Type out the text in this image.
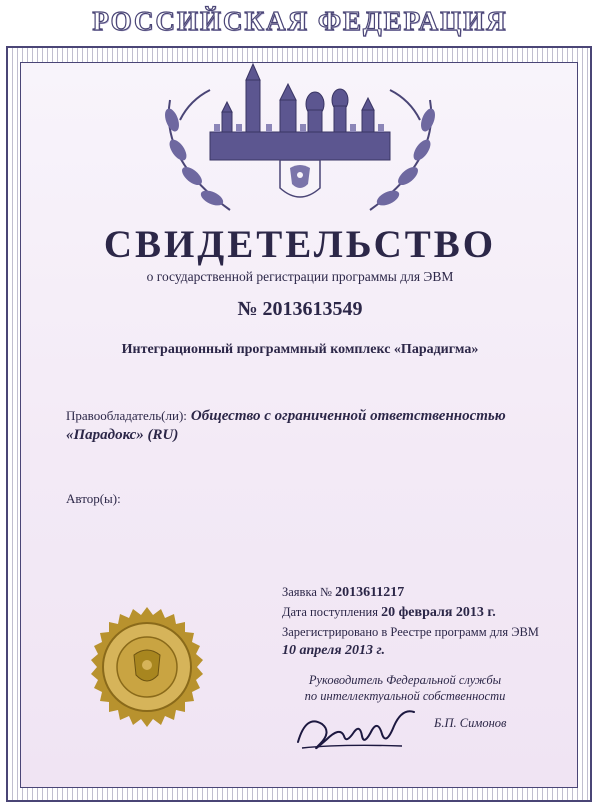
РОССИЙСКАЯ ФЕДЕРАЦИЯ
СВИДЕТЕЛЬСТВО
о государственной регистрации программы для ЭВМ
№ 2013613549
Интеграционный программный комплекс «Парадигма»
Правообладатель(ли): Общество с ограниченной ответственностью
«Парадокс» (RU)
Автор(ы):
Заявка № 2013611217
Дата поступления 20 февраля 2013 г.
Зарегистрировано в Реестре программ для ЭВМ
10 апреля 2013 г.
Руководитель Федеральной службы
по интеллектуальной собственности
Б.П. Симонов
